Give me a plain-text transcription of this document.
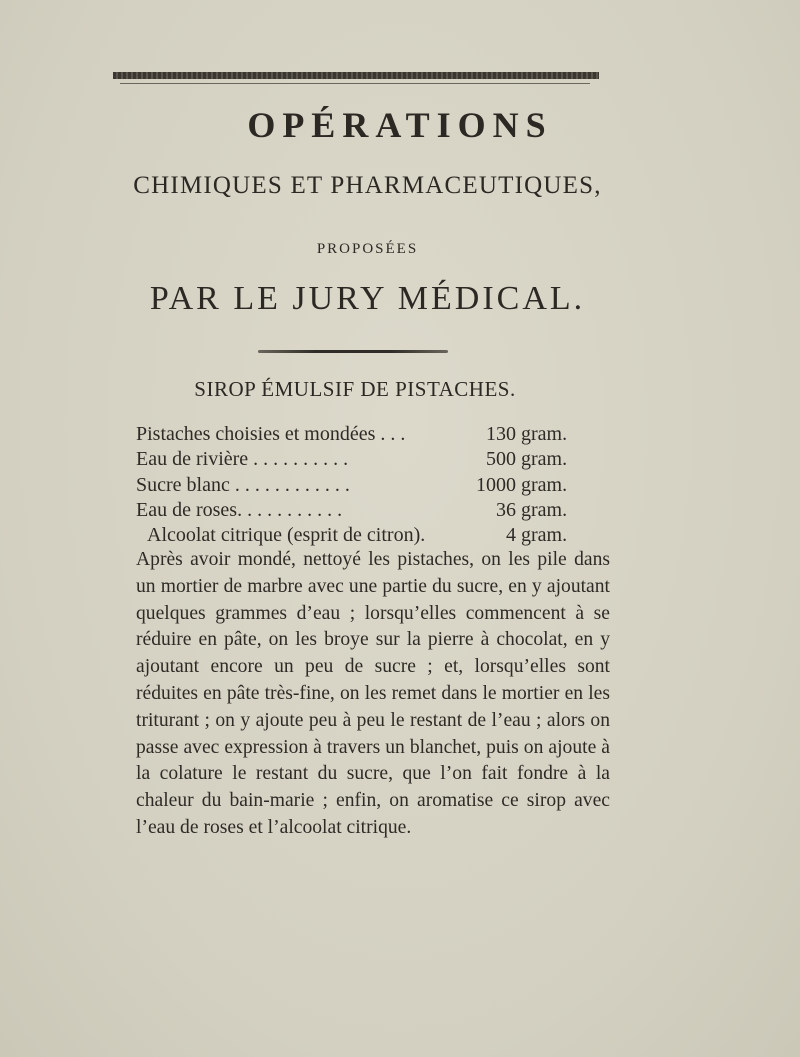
OPÉRATIONS
CHIMIQUES ET PHARMACEUTIQUES,
PROPOSÉES
PAR LE JURY MÉDICAL.
SIROP ÉMULSIF DE PISTACHES.
Pistaches choisies et mondées . . .	130 gram.
Eau de rivière . . . . . . . . . .	500 gram.
Sucre blanc . . . . . . . . . . . .	1000 gram.
Eau de roses. . . . . . . . . . .	36 gram.
Alcoolat citrique (esprit de citron).	4 gram.

Après avoir mondé, nettoyé les pistaches, on les pile dans un mortier de marbre avec une partie du sucre, en y ajoutant quelques grammes d’eau ; lorsqu’elles commencent à se réduire en pâte, on les broye sur la pierre à chocolat, en y ajoutant encore un peu de sucre ; et, lorsqu’elles sont réduites en pâte très-fine, on les remet dans le mortier en les triturant ; on y ajoute peu à peu le restant de l’eau ; alors on passe avec expression à travers un blanchet, puis on ajoute à la colature le restant du sucre, que l’on fait fondre à la chaleur du bain-marie ; enfin, on aromatise ce sirop avec l’eau de roses et l’alcoolat citrique.
